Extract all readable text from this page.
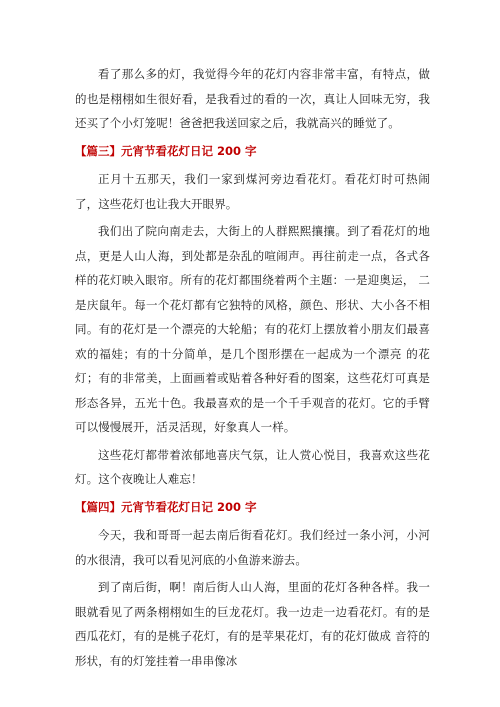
看了那么多的灯，我觉得今年的花灯内容非常丰富，有特点，做的也是栩栩如生很好看，是我看过的看的一次，真让人回味无穷，我还买了个小灯笼呢！爸爸把我送回家之后，我就高兴的睡觉了。

【篇三】元宵节看花灯日记 200 字

正月十五那天，我们一家到煤河旁边看花灯。看花灯时可热闹了，这些花灯也让我大开眼界。

我们出了院向南走去，大街上的人群熙熙攘攘。到了看花灯的地点，更是人山人海，到处都是杂乱的喧闹声。再往前走一点，各式各样的花灯映入眼帘。所有的花灯都围绕着两个主题：一是迎奥运， 二是庆鼠年。每一个花灯都有它独特的风格，颜色、形状、大小各不相同。有的花灯是一个漂亮的大轮船；有的花灯上摆放着小朋友们最喜欢的福娃；有的十分简单，是几个图形摆在一起成为一个漂亮 的花灯；有的非常美，上面画着或贴着各种好看的图案，这些花灯可真是形态各异，五光十色。我最喜欢的是一个千手观音的花灯。它的手臂可以慢慢展开，活灵活现，好象真人一样。

这些花灯都带着浓郁地喜庆气氛，让人赏心悦目，我喜欢这些花灯。这个夜晚让人难忘！

【篇四】元宵节看花灯日记 200 字

今天，我和哥哥一起去南后街看花灯。我们经过一条小河，小河的水很清，我可以看见河底的小鱼游来游去。

到了南后街，啊！南后街人山人海，里面的花灯各种各样。我一眼就看见了两条栩栩如生的巨龙花灯。我一边走一边看花灯。有的是西瓜花灯，有的是桃子花灯，有的是苹果花灯，有的花灯做成 音符的形状，有的灯笼挂着一串串像冰
